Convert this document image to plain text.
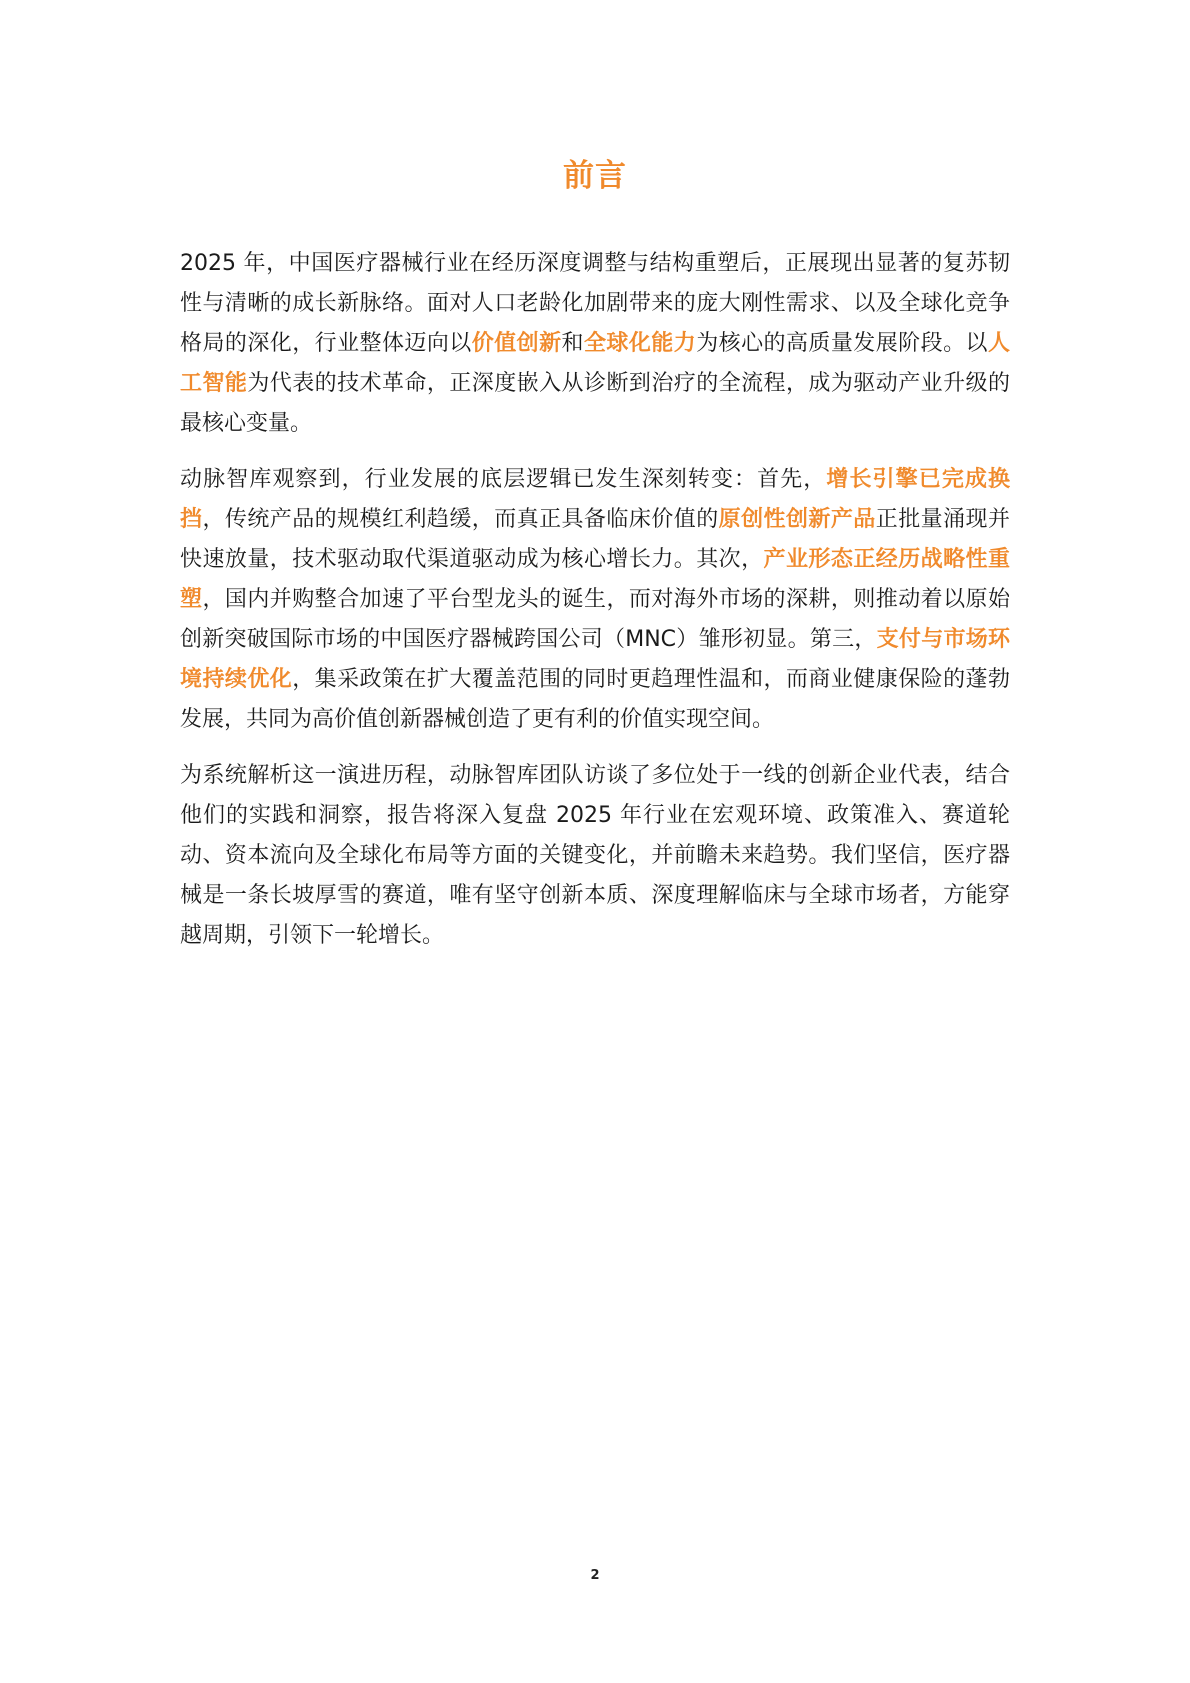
前言

2025 年，中国医疗器械行业在经历深度调整与结构重塑后，正展现出显著的复苏韧性与清晰的成长新脉络。面对人口老龄化加剧带来的庞大刚性需求、以及全球化竞争格局的深化，行业整体迈向以价值创新和全球化能力为核心的高质量发展阶段。以人工智能为代表的技术革命，正深度嵌入从诊断到治疗的全流程，成为驱动产业升级的最核心变量。

动脉智库观察到，行业发展的底层逻辑已发生深刻转变：首先，增长引擎已完成换挡，传统产品的规模红利趋缓，而真正具备临床价值的原创性创新产品正批量涌现并快速放量，技术驱动取代渠道驱动成为核心增长力。其次，产业形态正经历战略性重塑，国内并购整合加速了平台型龙头的诞生，而对海外市场的深耕，则推动着以原始创新突破国际市场的中国医疗器械跨国公司（MNC）雏形初显。第三，支付与市场环境持续优化，集采政策在扩大覆盖范围的同时更趋理性温和，而商业健康保险的蓬勃发展，共同为高价值创新器械创造了更有利的价值实现空间。

为系统解析这一演进历程，动脉智库团队访谈了多位处于一线的创新企业代表，结合他们的实践和洞察，报告将深入复盘 2025 年行业在宏观环境、政策准入、赛道轮动、资本流向及全球化布局等方面的关键变化，并前瞻未来趋势。我们坚信，医疗器械是一条长坡厚雪的赛道，唯有坚守创新本质、深度理解临床与全球市场者，方能穿越周期，引领下一轮增长。

2
